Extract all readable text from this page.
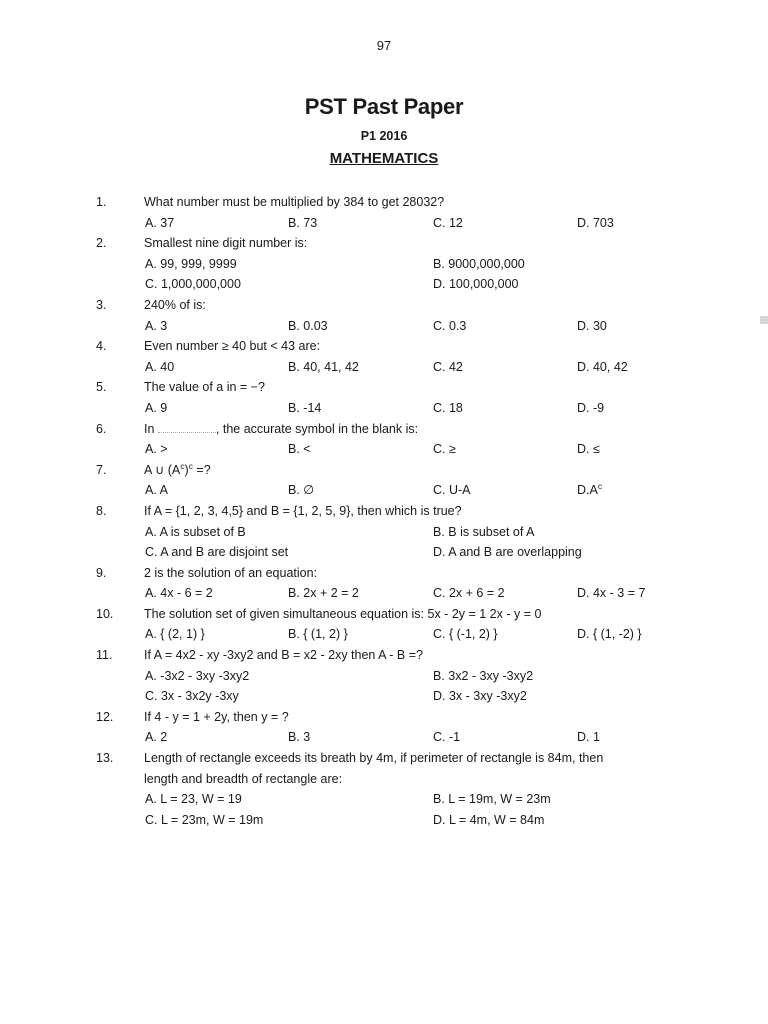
97
PST Past Paper
P1 2016
MATHEMATICS
1.	What number must be multiplied by 384 to get 28032?
A. 37	B. 73	C. 12	D. 703
2.	Smallest nine digit number is:
A. 99, 999, 9999	B. 9000,000,000
C. 1,000,000,000	D. 100,000,000
3.	240% of is:
A. 3	B. 0.03	C. 0.3	D. 30
4.	Even number ≥ 40 but < 43 are:
A. 40	B. 40, 41, 42	C. 42	D. 40, 42
5.	The value of a in = −?
A. 9	B. -14	C. 18	D. -9
6.	In	, the accurate symbol in the blank is:
A. >	B. <	C. ≥	D. ≤
7.	A ∪ $(A^c)^c$ =?
A. A	B. ∅	C. U-A	$D.A^c$
8.	If A = {1, 2, 3, 4,5} and B = {1, 2, 5, 9}, then which is true?
A. A is subset of B	B. B is subset of A
C. A and B are disjoint set	D. A and B are overlapping
9.	2 is the solution of an equation:
A. 4x - 6 = 2	B. 2x + 2 = 2	C. 2x + 6 = 2	D. 4x - 3 = 7
10. The solution set of given simultaneous equation is: 5x - 2y = 1 2x - y = 0
A. { (2, 1) }	B. { (1, 2) }	C. { (-1, 2) }	D. { (1, -2) }
11.	If A = 4x2 - xy -3xy2 and B = x2 - 2xy then A - B =?
A. -3x2 - 3xy -3xy2	B. 3x2 - 3xy -3xy2
C. 3x - 3x2y -3xy	D. 3x - 3xy -3xy2
12. If 4 - y = 1 + 2y, then y = ?
A. 2	B. 3	C. -1	D. 1
13. Length of rectangle exceeds its breath by 4m, if perimeter of rectangle is 84m, then
length and breadth of rectangle are:
A. L = 23, W = 19	B. L = 19m, W = 23m
C. L = 23m, W = 19m	D. L = 4m, W = 84m
